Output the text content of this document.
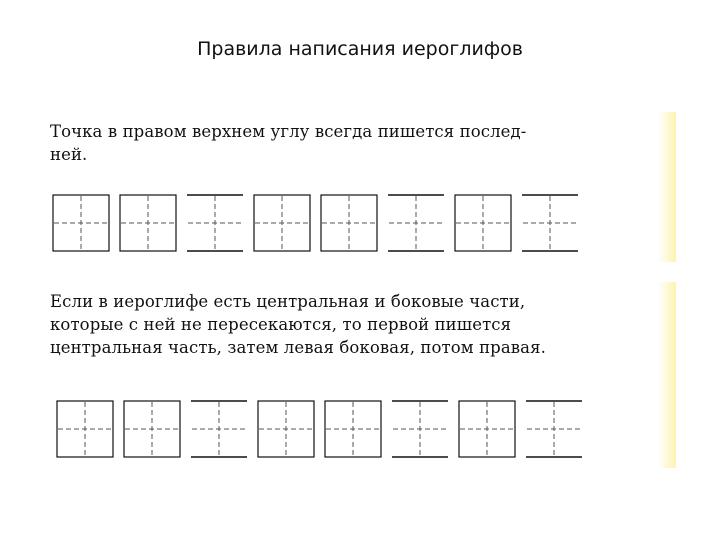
Правила написания иероглифов

Точка в правом верхнем углу всегда пишется послед-
ней.

Если в иероглифе есть центральная и боковые части,
которые с ней не пересекаются, то первой пишется
центральная часть, затем левая боковая, потом правая.
